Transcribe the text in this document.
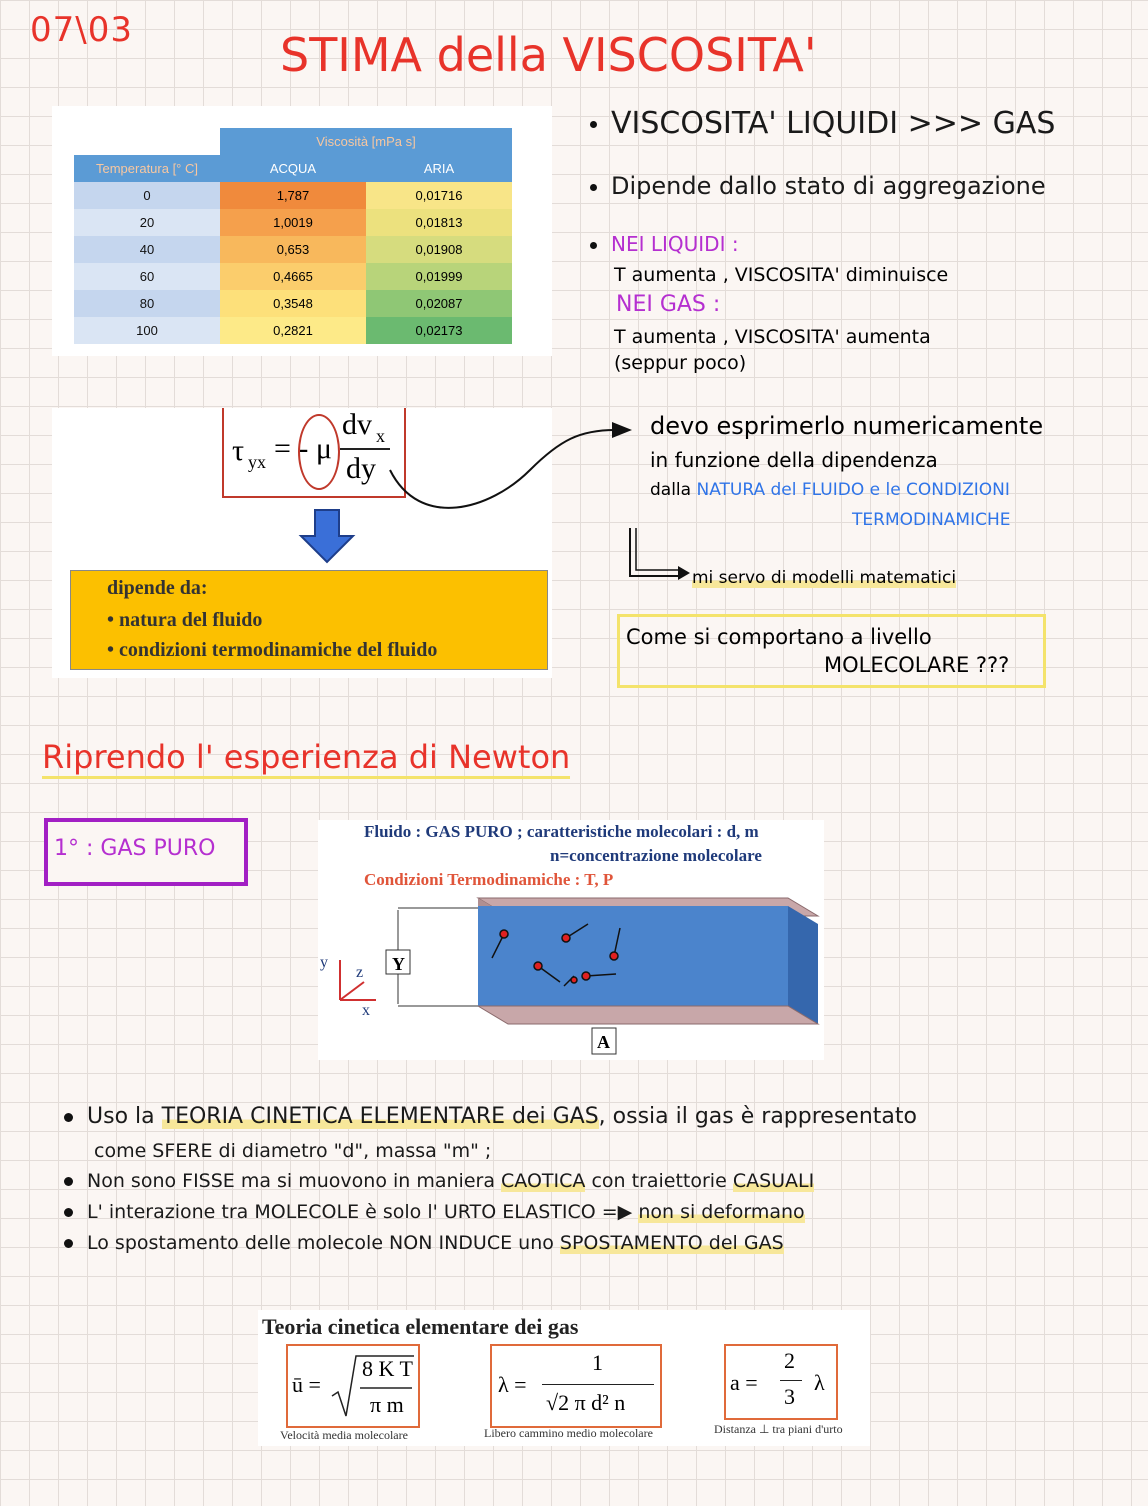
07\03	STIMA della VISCOSITA'
	Viscosità [mPa s]	
Temperatura [° C]	ACQUA	ARIA
0	1,787	0,01716
20	1,0019	0,01813
40	0,653	0,01908
60	0,4665	0,01999
80	0,3548	0,02087
100	0,2821	0,02173
VISCOSITA' LIQUIDI >>> GAS
Dipende dallo stato di aggregazione
NEI LIQUIDI :
T aumenta , VISCOSITA' diminuisce
NEI GAS :
T aumenta , VISCOSITA' aumenta
(seppur poco)
τ yx = - μ
dv x
dy
dipende da:
• natura del fluido
• condizioni termodinamiche del fluido
devo esprimerlo numericamente
in funzione della dipendenza
dalla NATURA del FLUIDO e le CONDIZIONI
TERMODINAMICHE
mi servo di modelli matematici
Come si comportano a livello
MOLECOLARE ???
Riprendo l' esperienza di Newton
1° : GAS PURO
Fluido : GAS PURO ; caratteristiche molecolari : d, m
n=concentrazione molecolare
Condizioni Termodinamiche : T, P
Y
A
y
z
x
Uso la TEORIA CINETICA ELEMENTARE dei GAS, ossia il gas è rappresentato
come SFERE di diametro "d", massa "m" ;
Non sono FISSE ma si muovono in maniera CAOTICA con traiettorie CASUALI
L' interazione tra MOLECOLE è solo l' URTO ELASTICO =▶ non si deformano
Lo spostamento delle molecole NON INDUCE uno SPOSTAMENTO del GAS
Teoria cinetica elementare dei gas
ū =
8 K T
π m
Velocità media molecolare
λ =
1
√2 π d² n
Libero cammino medio molecolare
a =
2
3
λ
Distanza ⊥ tra piani d'urto
